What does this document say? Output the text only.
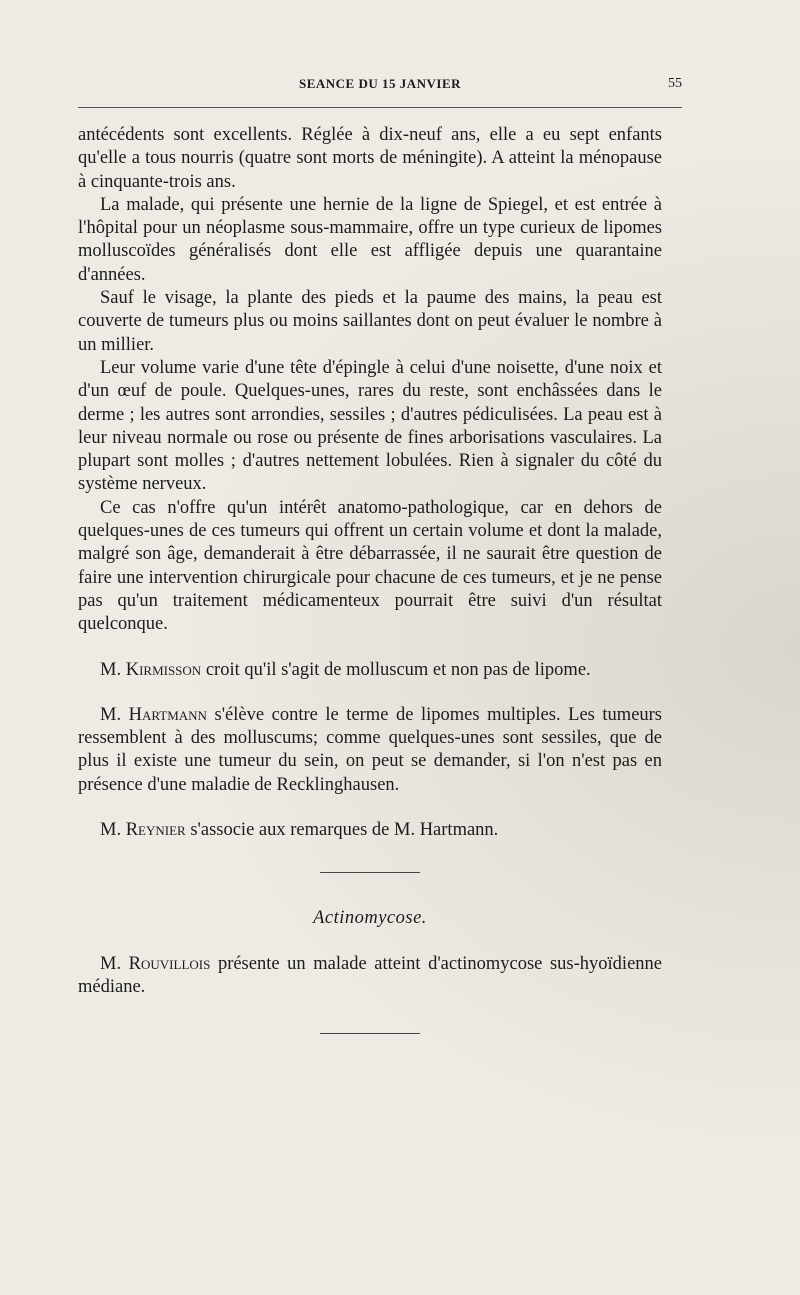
SEANCE DU 15 JANVIER	55

antécédents sont excellents. Réglée à dix-neuf ans, elle a eu sept enfants qu'elle a tous nourris (quatre sont morts de méningite). A atteint la ménopause à cinquante-trois ans.

La malade, qui présente une hernie de la ligne de Spiegel, et est entrée à l'hôpital pour un néoplasme sous-mammaire, offre un type curieux de lipomes molluscoïdes généralisés dont elle est affligée depuis une quarantaine d'années.

Sauf le visage, la plante des pieds et la paume des mains, la peau est couverte de tumeurs plus ou moins saillantes dont on peut évaluer le nombre à un millier.

Leur volume varie d'une tête d'épingle à celui d'une noisette, d'une noix et d'un œuf de poule. Quelques-unes, rares du reste, sont enchâssées dans le derme ; les autres sont arrondies, sessiles ; d'autres pédiculisées. La peau est à leur niveau normale ou rose ou présente de fines arborisations vasculaires. La plupart sont molles ; d'autres nettement lobulées. Rien à signaler du côté du système nerveux.

Ce cas n'offre qu'un intérêt anatomo-pathologique, car en dehors de quelques-unes de ces tumeurs qui offrent un certain volume et dont la malade, malgré son âge, demanderait à être débarrassée, il ne saurait être question de faire une intervention chirurgicale pour chacune de ces tumeurs, et je ne pense pas qu'un traitement médicamenteux pourrait être suivi d'un résultat quelconque.

M. Kirmisson croit qu'il s'agit de molluscum et non pas de lipome.

M. Hartmann s'élève contre le terme de lipomes multiples. Les tumeurs ressemblent à des molluscums; comme quelques-unes sont sessiles, que de plus il existe une tumeur du sein, on peut se demander, si l'on n'est pas en présence d'une maladie de Recklinghausen.

M. Reynier s'associe aux remarques de M. Hartmann.

Actinomycose.

M. Rouvillois présente un malade atteint d'actinomycose sus-hyoïdienne médiane.
